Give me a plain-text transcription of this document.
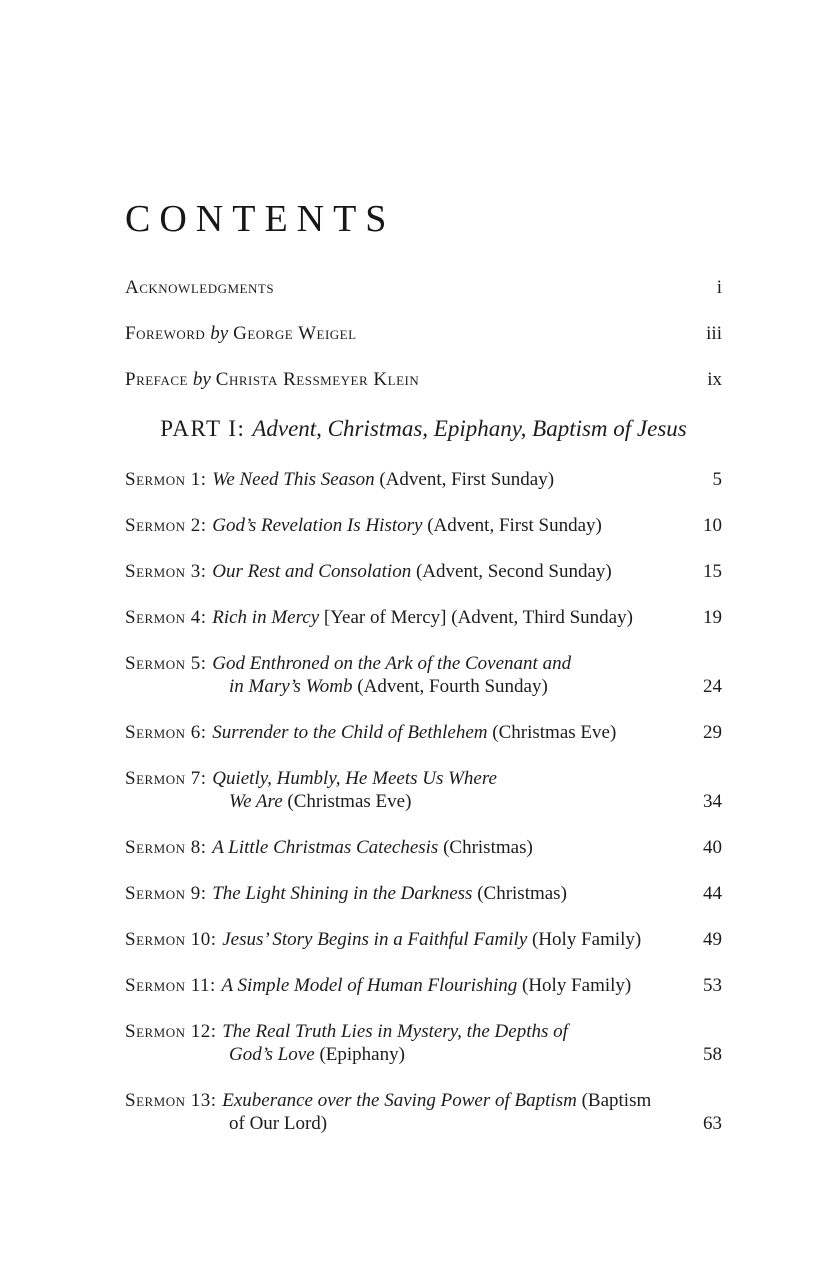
CONTENTS
Acknowledgments	i
Foreword by George Weigel	iii
Preface by Christa Ressmeyer Klein	ix
PART I: Advent, Christmas, Epiphany, Baptism of Jesus
Sermon 1: We Need This Season (Advent, First Sunday)	5
Sermon 2: God’s Revelation Is History (Advent, First Sunday)	10
Sermon 3: Our Rest and Consolation (Advent, Second Sunday)	15
Sermon 4: Rich in Mercy [Year of Mercy] (Advent, Third Sunday)	19
Sermon 5: God Enthroned on the Ark of the Covenant and
in Mary’s Womb (Advent, Fourth Sunday)	24
Sermon 6: Surrender to the Child of Bethlehem (Christmas Eve)	29
Sermon 7: Quietly, Humbly, He Meets Us Where
We Are (Christmas Eve)	34
Sermon 8: A Little Christmas Catechesis (Christmas)	40
Sermon 9: The Light Shining in the Darkness (Christmas)	44
Sermon 10: Jesus’ Story Begins in a Faithful Family (Holy Family)	49
Sermon 11: A Simple Model of Human Flourishing (Holy Family)	53
Sermon 12: The Real Truth Lies in Mystery, the Depths of
God’s Love (Epiphany)	58
Sermon 13: Exuberance over the Saving Power of Baptism (Baptism
of Our Lord)	63
